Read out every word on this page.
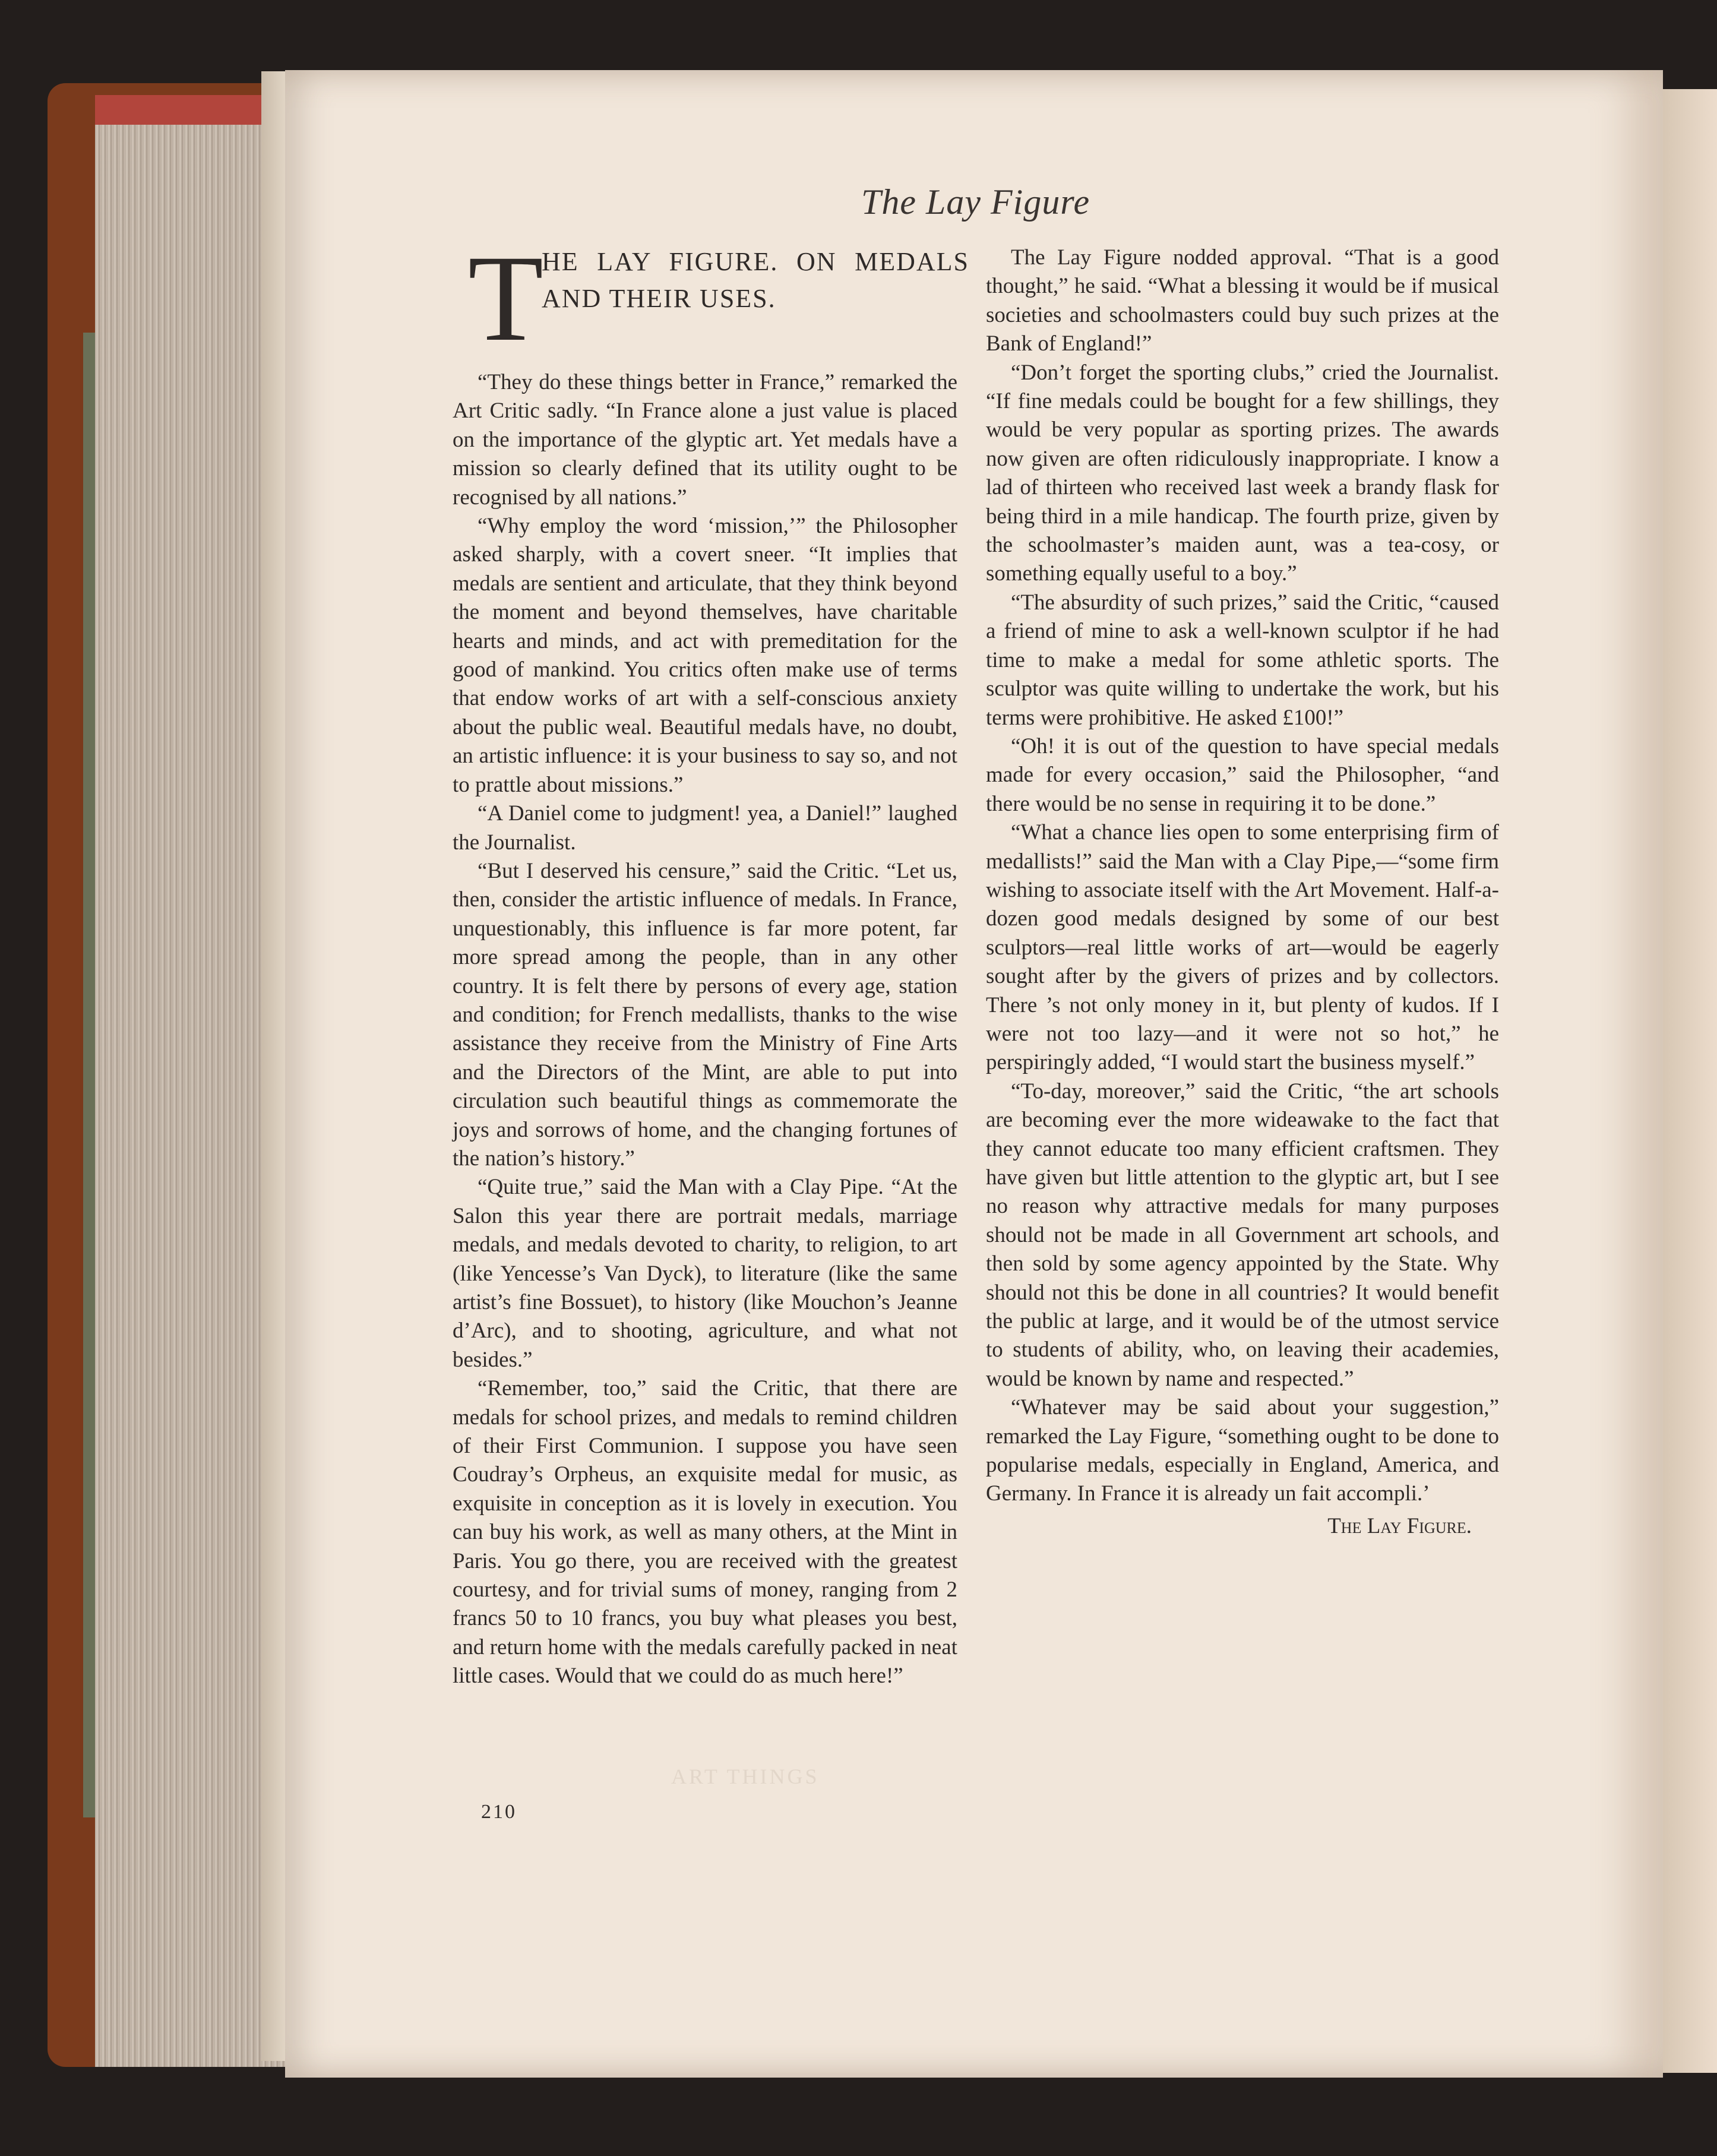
The Lay Figure
T
HE LAY FIGURE. ON MEDALS AND THEIR USES.

“They do these things better in France,” remarked the Art Critic sadly. “In France alone a just value is placed on the importance of the glyptic art. Yet medals have a mission so clearly defined that its utility ought to be recognised by all nations.”

“Why employ the word ‘mission,’” the Philosopher asked sharply, with a covert sneer. “It implies that medals are sentient and articulate, that they think beyond the moment and beyond themselves, have charitable hearts and minds, and act with premeditation for the good of mankind. You critics often make use of terms that endow works of art with a self-conscious anxiety about the public weal. Beautiful medals have, no doubt, an artistic influence: it is your business to say so, and not to prattle about missions.”

“A Daniel come to judgment! yea, a Daniel!” laughed the Journalist.

“But I deserved his censure,” said the Critic. “Let us, then, consider the artistic influence of medals. In France, unquestionably, this influence is far more potent, far more spread among the people, than in any other country. It is felt there by persons of every age, station and condition; for French medallists, thanks to the wise assistance they receive from the Ministry of Fine Arts and the Directors of the Mint, are able to put into circulation such beautiful things as commemorate the joys and sorrows of home, and the changing fortunes of the nation’s history.”

“Quite true,” said the Man with a Clay Pipe. “At the Salon this year there are portrait medals, marriage medals, and medals devoted to charity, to religion, to art (like Yencesse’s Van Dyck), to literature (like the same artist’s fine Bossuet), to history (like Mouchon’s Jeanne d’Arc), and to shooting, agriculture, and what not besides.”

“Remember, too,” said the Critic, that there are medals for school prizes, and medals to remind children of their First Communion. I suppose you have seen Coudray’s Orpheus, an exquisite medal for music, as exquisite in conception as it is lovely in execution. You can buy his work, as well as many others, at the Mint in Paris. You go there, you are received with the greatest courtesy, and for trivial sums of money, ranging from 2 francs 50 to 10 francs, you buy what pleases you best, and return home with the medals carefully packed in neat little cases. Would that we could do as much here!”

The Lay Figure nodded approval. “That is a good thought,” he said. “What a blessing it would be if musical societies and schoolmasters could buy such prizes at the Bank of England!”

“Don’t forget the sporting clubs,” cried the Journalist. “If fine medals could be bought for a few shillings, they would be very popular as sporting prizes. The awards now given are often ridiculously inappropriate. I know a lad of thirteen who received last week a brandy flask for being third in a mile handicap. The fourth prize, given by the schoolmaster’s maiden aunt, was a tea-cosy, or something equally useful to a boy.”

“The absurdity of such prizes,” said the Critic, “caused a friend of mine to ask a well-known sculptor if he had time to make a medal for some athletic sports. The sculptor was quite willing to undertake the work, but his terms were prohibitive. He asked £100!”

“Oh! it is out of the question to have special medals made for every occasion,” said the Philosopher, “and there would be no sense in requiring it to be done.”

“What a chance lies open to some enterprising firm of medallists!” said the Man with a Clay Pipe,—“some firm wishing to associate itself with the Art Movement. Half-a-dozen good medals designed by some of our best sculptors—real little works of art—would be eagerly sought after by the givers of prizes and by collectors. There ’s not only money in it, but plenty of kudos. If I were not too lazy—and it were not so hot,” he perspiringly added, “I would start the business myself.”

“To-day, moreover,” said the Critic, “the art schools are becoming ever the more wideawake to the fact that they cannot educate too many efficient craftsmen. They have given but little attention to the glyptic art, but I see no reason why attractive medals for many purposes should not be made in all Government art schools, and then sold by some agency appointed by the State. Why should not this be done in all countries? It would benefit the public at large, and it would be of the utmost service to students of ability, who, on leaving their academies, would be known by name and respected.”

“Whatever may be said about your suggestion,” remarked the Lay Figure, “something ought to be done to popularise medals, especially in England, America, and Germany. In France it is already un fait accompli.’

The Lay Figure.
ART THINGS
210
